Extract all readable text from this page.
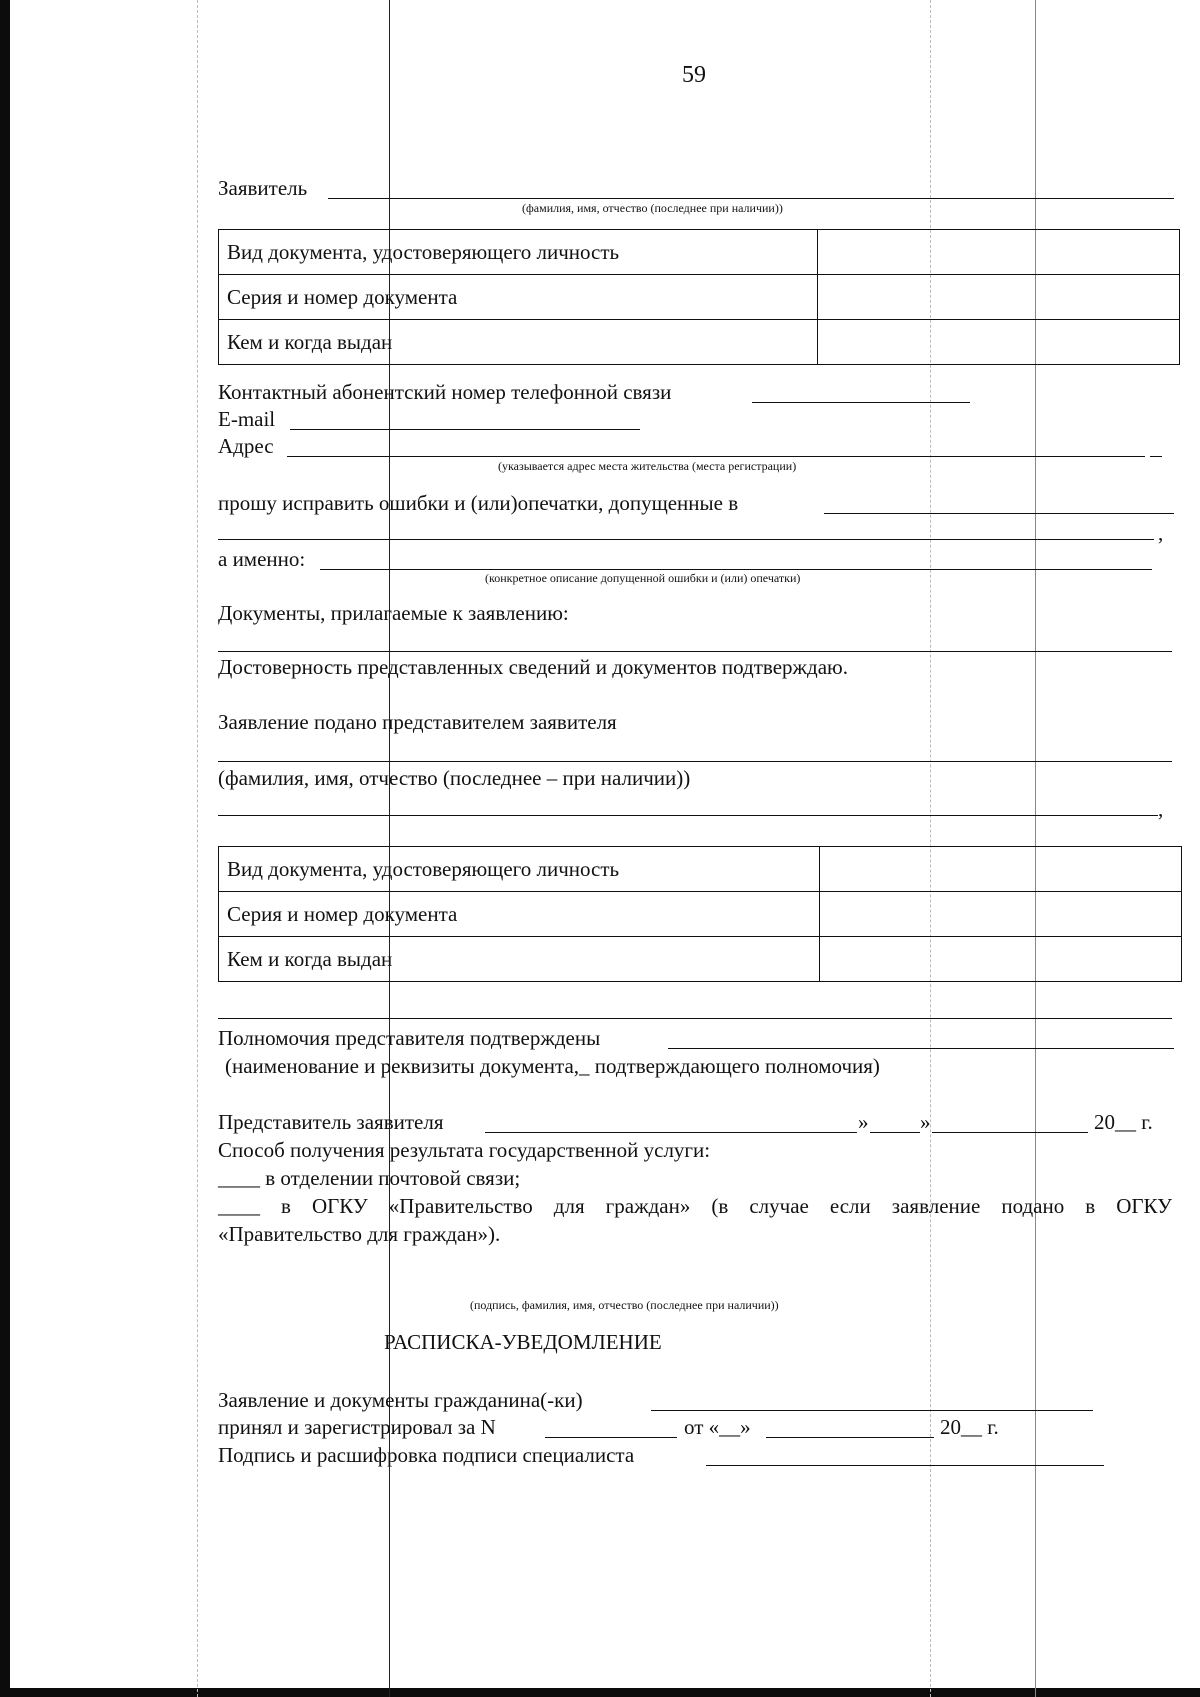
59
Заявитель
(фамилия, имя, отчество (последнее при наличии))
Вид документа, удостоверяющего личность	
Серия и номер документа	
Кем и когда выдан	
Контактный абонентский номер телефонной связи
E-mail
Адрес
(указывается адрес места жительства (места регистрации)
прошу исправить ошибки и (или)опечатки, допущенные в
,
а именно:
(конкретное описание допущенной ошибки и (или) опечатки)
Документы, прилагаемые к заявлению:
Достоверность представленных сведений и документов подтверждаю.
Заявление подано представителем заявителя
(фамилия, имя, отчество (последнее – при наличии))
,
Вид документа, удостоверяющего личность	
Серия и номер документа	
Кем и когда выдан	
Полномочия представителя подтверждены
(наименование и реквизиты документа,_ подтверждающего полномочия)
Представитель заявителя	» »	20__ г.
Способ получения результата государственной услуги:
____ в отделении почтовой связи;
____ в ОГКУ «Правительство для граждан» (в случае если заявление подано в ОГКУ
«Правительство для граждан»).
(подпись, фамилия, имя, отчество (последнее при наличии))
РАСПИСКА-УВЕДОМЛЕНИЕ
Заявление и документы гражданина(-ки)
принял и зарегистрировал за N	от «__»	20__ г.
Подпись и расшифровка подписи специалиста
